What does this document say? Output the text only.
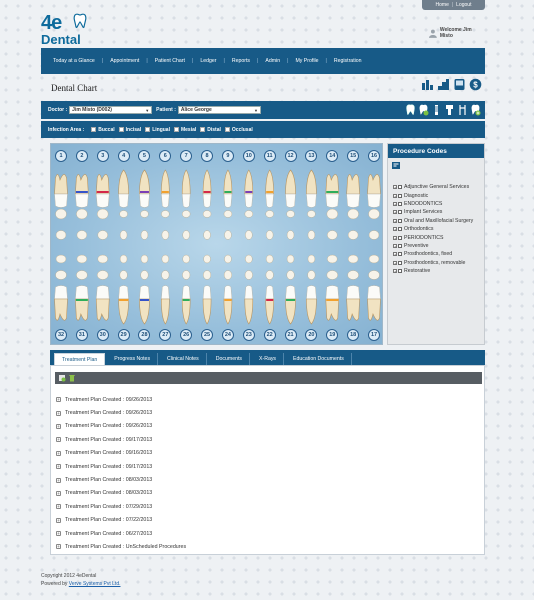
4e
Dental
Home | Logout
Welcome Jim Misto
Today at a Glance | Appointment | Patient Chart | Ledger | Reports | Admin | My Profile | Registration
Dental Chart	$
Doctor : Jim Misto (D002)	▼ Patient : Alice George	▼
Infection Area :	Buccal Incisal Lingual Mesial Distal Occlusal
1	2	3	4	5	6	7	8	9	10	11	12	13	14	15	16
32	31	30	29	28	27	26	25	24	23	22	21	20	19	18	17
Procedure Codes
+ Adjunctive General Services
+ Diagnostic
+ ENDODONTICS
+ Implant Services
+ Oral and Maxillofacial Surgery
+ Orthodontics
+ PERIODONTICS
+ Preventive
+ Prosthodontics, fixed
+ Prosthodontics, removable
+ Restorative
Treatment Plan	Progress Notes	Clinical Notes	Documents	X-Rays	Education Documents
+ Treatment Plan Created : 09/26/2013
+ Treatment Plan Created : 09/26/2013
+ Treatment Plan Created : 09/26/2013
+ Treatment Plan Created : 09/17/2013
+ Treatment Plan Created : 09/16/2013
+ Treatment Plan Created : 09/17/2013
+ Treatment Plan Created : 08/03/2013
+ Treatment Plan Created : 08/03/2013
+ Treatment Plan Created : 07/29/2013
+ Treatment Plan Created : 07/22/2013
+ Treatment Plan Created : 06/27/2013
+ Treatment Plan Created : UnScheduled Procedures
Copyright 2012 4eDental
Powered by Verve Systems Pvt Ltd.
